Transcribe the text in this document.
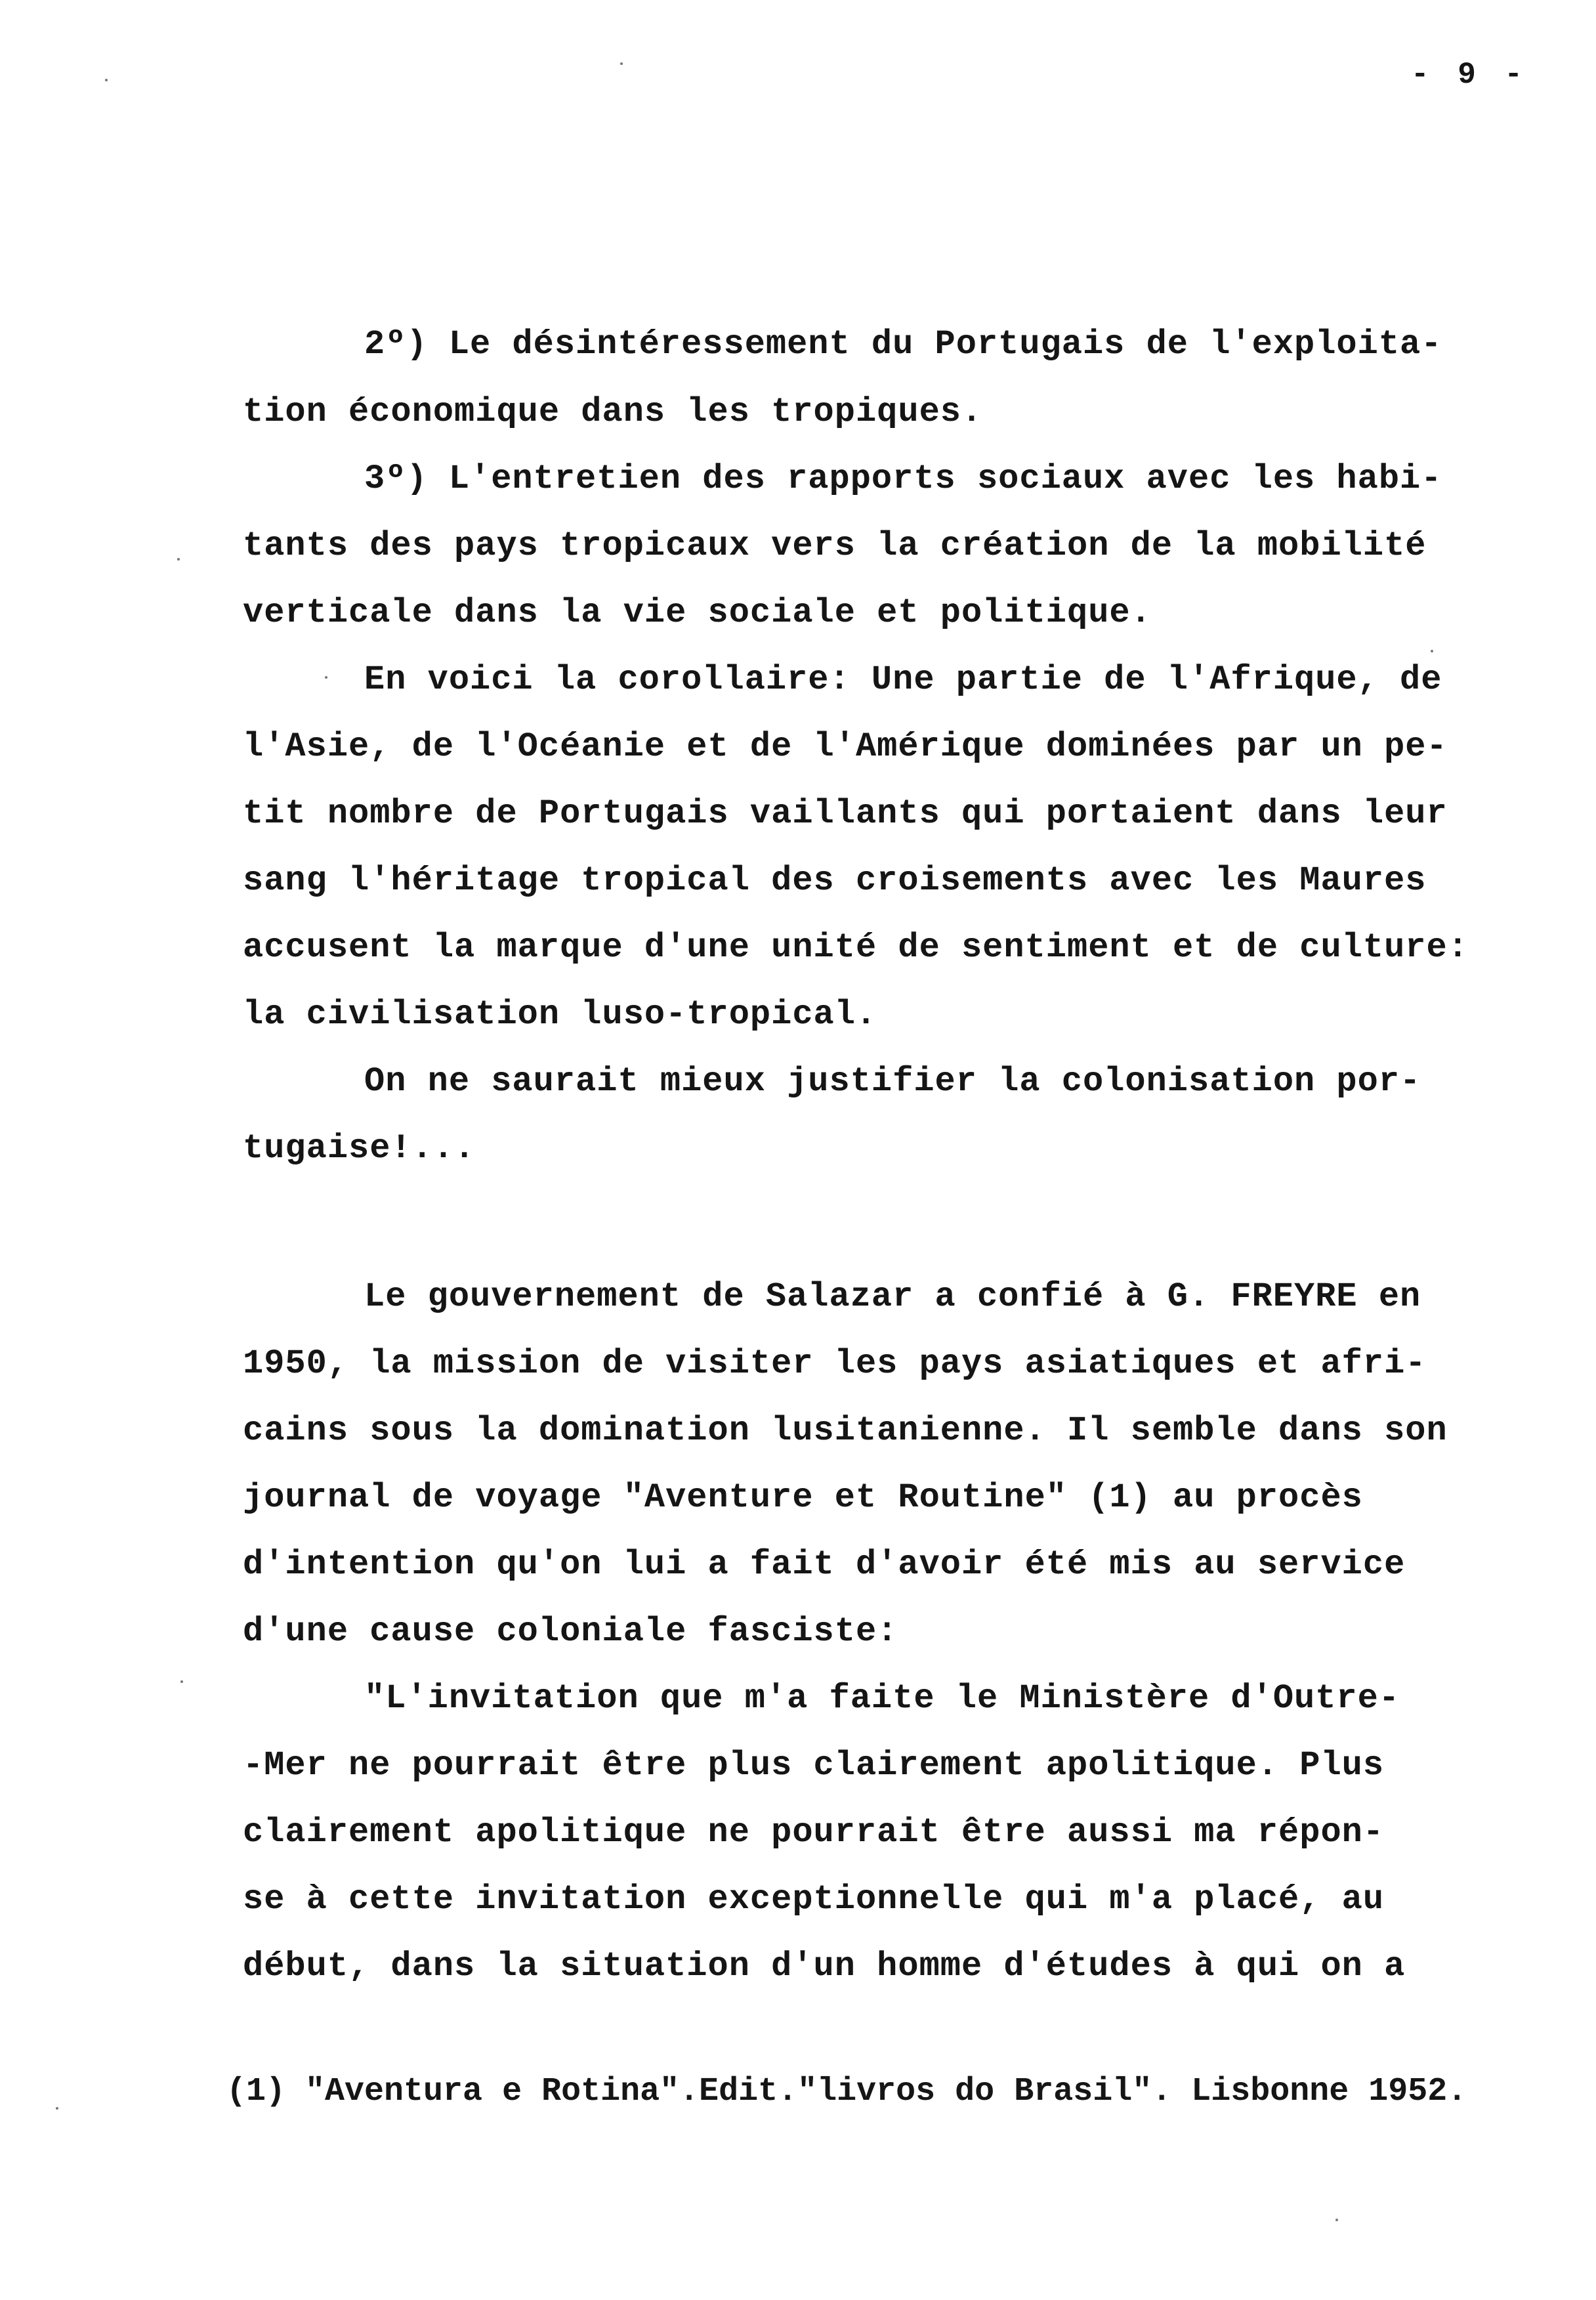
- 9 -
2º) Le désintéressement du Portugais de l'exploita-
tion économique dans les tropiques.
3º) L'entretien des rapports sociaux avec les habi-
tants des pays tropicaux vers la création de la mobilité
verticale dans la vie sociale et politique.
En voici la corollaire: Une partie de l'Afrique, de
l'Asie, de l'Océanie et de l'Amérique dominées par un pe-
tit nombre de Portugais vaillants qui portaient dans leur
sang l'héritage tropical des croisements avec les Maures
accusent la marque d'une unité de sentiment et de culture:
la civilisation luso-tropical.
On ne saurait mieux justifier la colonisation por-
tugaise!...
Le gouvernement de Salazar a confié à G. FREYRE en
1950, la mission de visiter les pays asiatiques et afri-
cains sous la domination lusitanienne. Il semble dans son
journal de voyage "Aventure et Routine" (1) au procès
d'intention qu'on lui a fait d'avoir été mis au service
d'une cause coloniale fasciste:
"L'invitation que m'a faite le Ministère d'Outre-
-Mer ne pourrait être plus clairement apolitique. Plus
clairement apolitique ne pourrait être aussi ma répon-
se à cette invitation exceptionnelle qui m'a placé, au
début, dans la situation d'un homme d'études à qui on a
(1) "Aventura e Rotina".Edit."livros do Brasil". Lisbonne 1952.
